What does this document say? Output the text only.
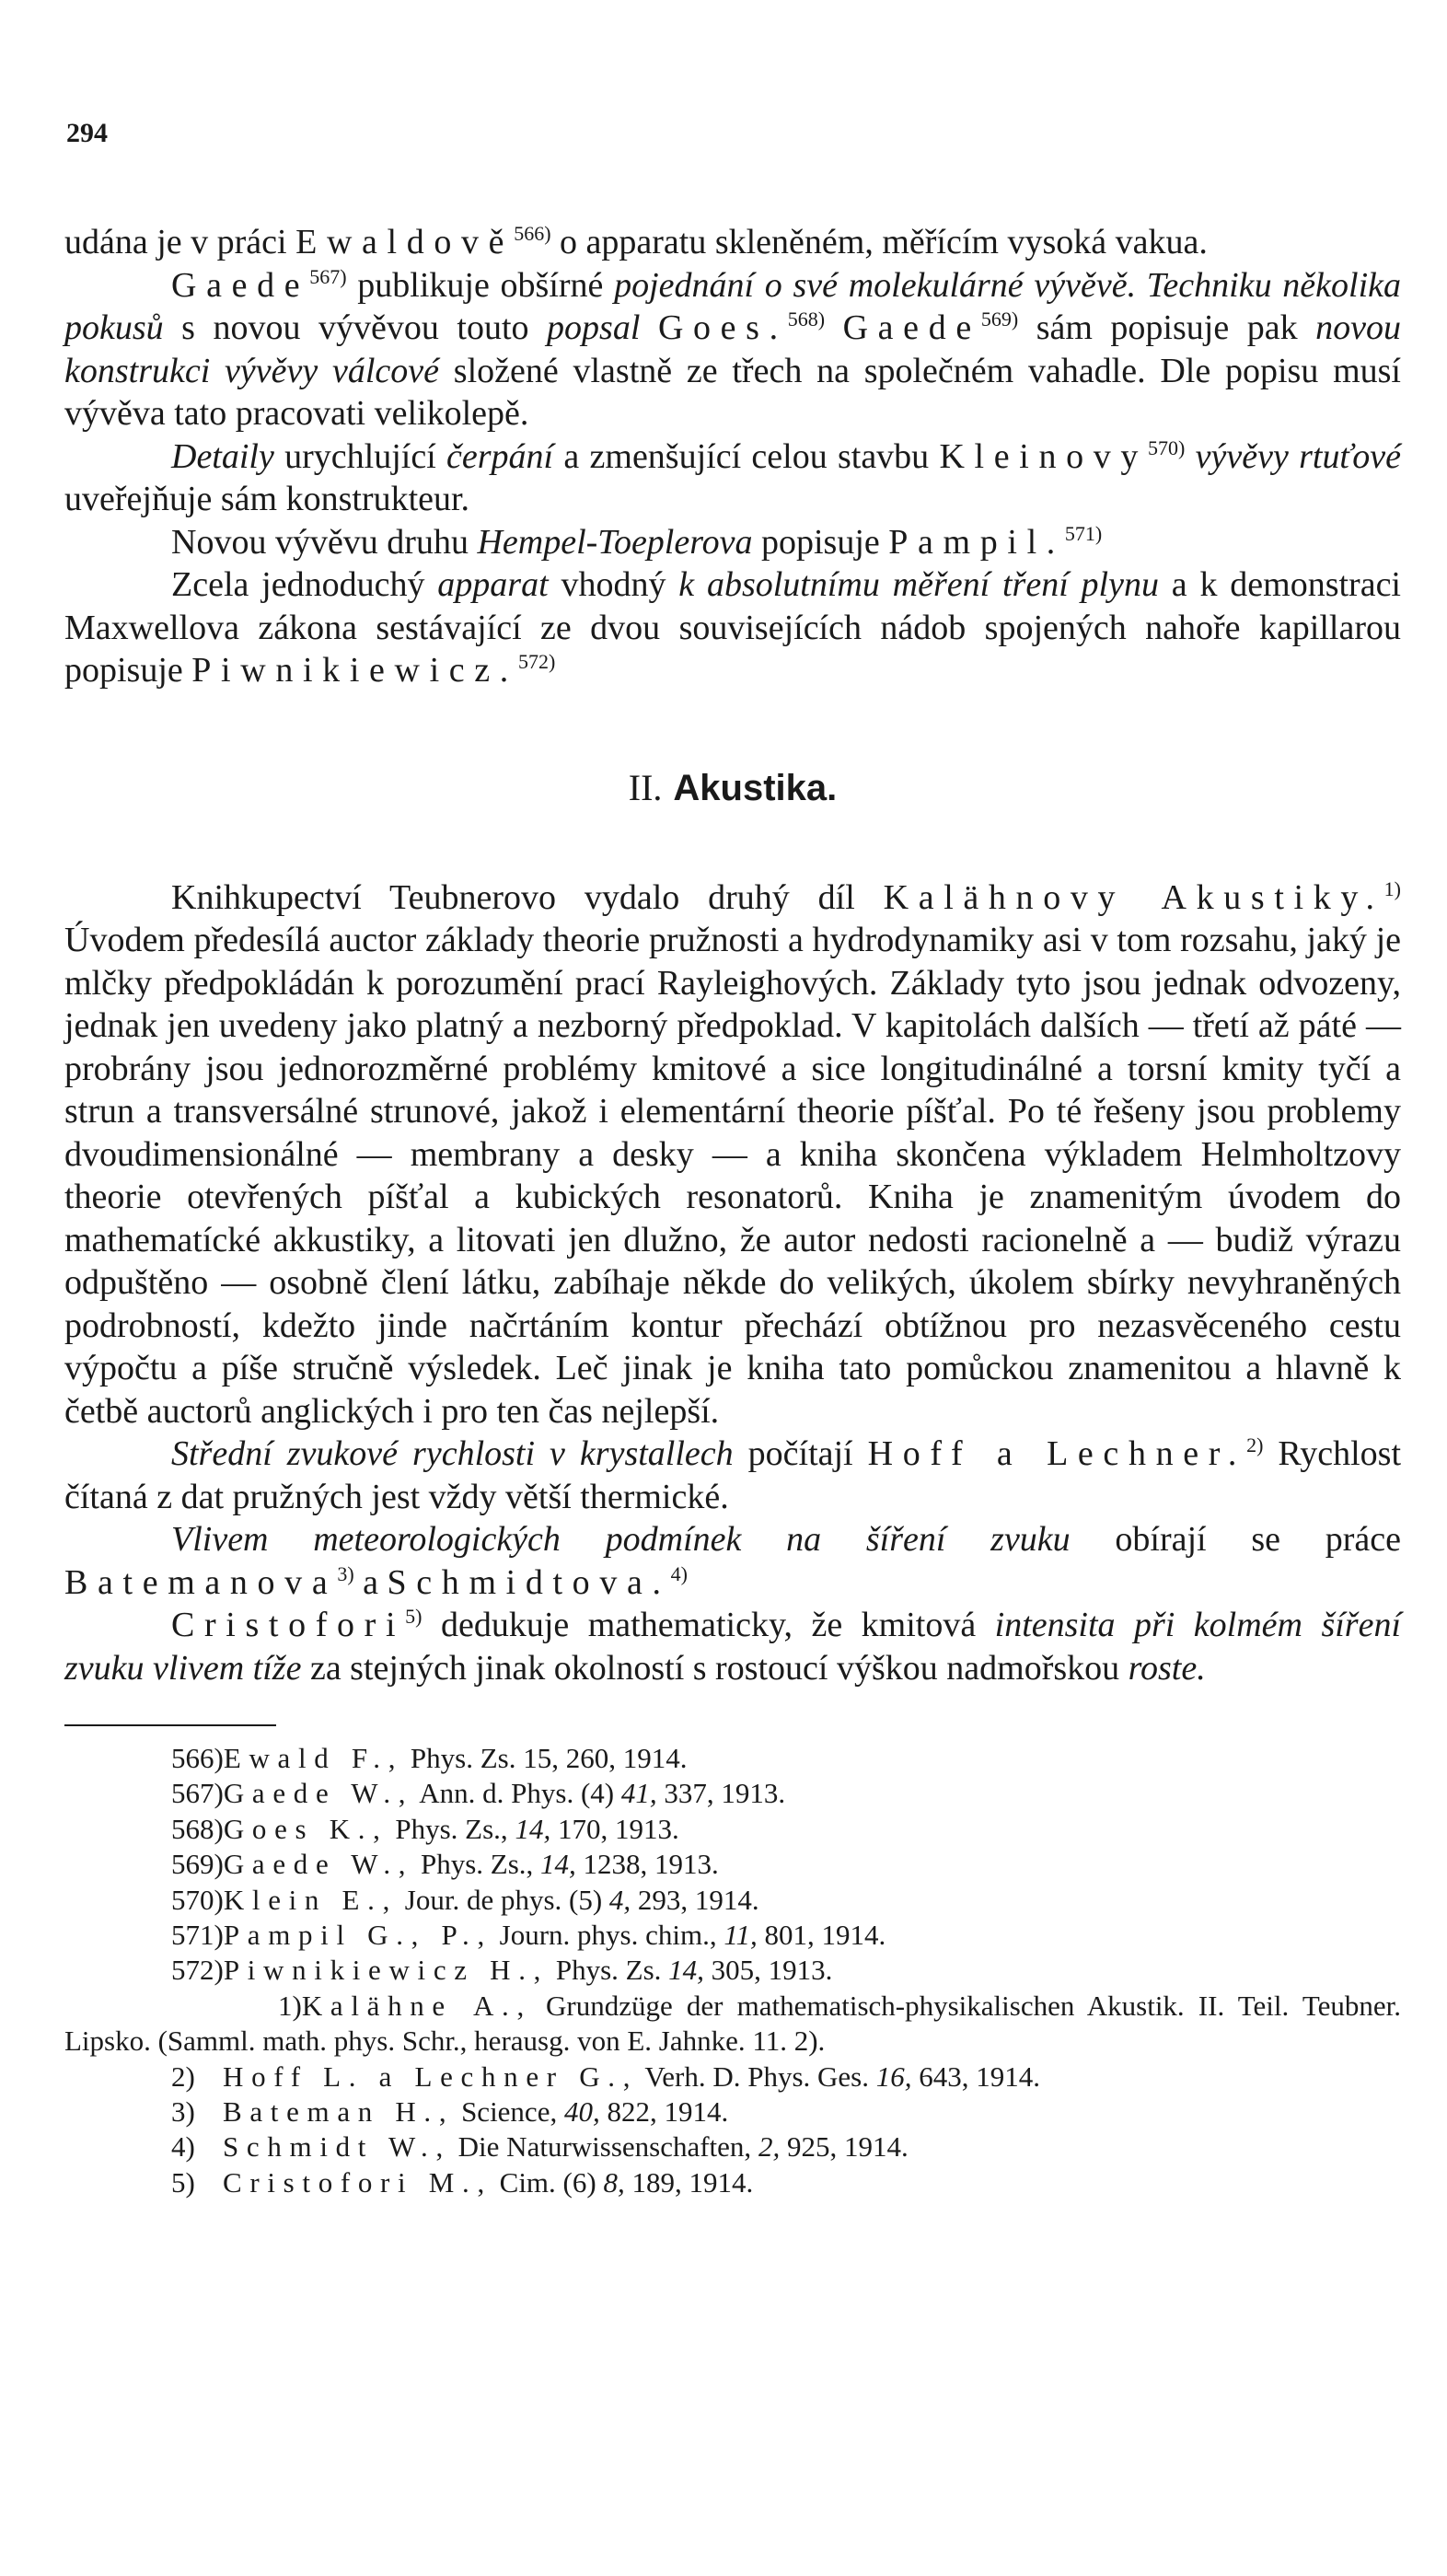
294

udána je v práci Ewaldově$^{566)}$ o apparatu skleněném, měřícím vysoká vakua.

Gaede$^{567)}$ publikuje obšírné pojednání o své molekulárné vývěvě. Techniku několika pokusů s novou vývěvou touto popsal Goes.$^{568)}$ Gaede$^{569)}$ sám popisuje pak novou konstrukci vývěvy válcové složené vlastně ze třech na společném vahadle. Dle popisu musí vývěva tato pracovati velikolepě.

Detaily urychlující čerpání a zmenšující celou stavbu Kleinovy$^{570)}$ vývěvy rtuťové uveřejňuje sám konstrukteur.

Novou vývěvu druhu Hempel-Toeplerova popisuje Pampil.$^{571)}$

Zcela jednoduchý apparat vhodný k absolutnímu měření tření plynu a k demonstraci Maxwellova zákona sestávající ze dvou souvisejících nádob spojených nahoře kapillarou popisuje Piwnikiewicz.$^{572)}$

II. Akustika.

Knihkupectví Teubnerovo vydalo druhý díl Kalähnovy Akustiky.$^{1)}$ Úvodem předesílá auctor základy theorie pružnosti a hydrodynamiky asi v tom rozsahu, jaký je mlčky předpokládán k porozumění prací Rayleighových. Základy tyto jsou jednak odvozeny, jednak jen uvedeny jako platný a nezborný předpoklad. V kapitolách dalších — třetí až páté — probrány jsou jednorozměrné problémy kmitové a sice longitudinálné a torsní kmity tyčí a strun a transversálné strunové, jakož i elementární theorie píšťal. Po té řešeny jsou problemy dvoudimensionálné — membrany a desky — a kniha skončena výkladem Helmholtzovy theorie otevřených píšťal a kubických resonatorů. Kniha je znamenitým úvodem do mathematícké akkustiky, a litovati jen dlužno, že autor nedosti racionelně a — budiž výrazu odpuštěno — osobně člení látku, zabíhaje někde do velikých, úkolem sbírky nevyhraněných podrobností, kdežto jinde načrtáním kontur přechází obtížnou pro nezasvěceného cestu výpočtu a píše stručně výsledek. Leč jinak je kniha tato pomůckou znamenitou a hlavně k četbě auctorů anglických i pro ten čas nejlepší.

Střední zvukové rychlosti v krystallech počítají Hoff a Lechner.$^{2)}$ Rychlost čítaná z dat pružných jest vždy větší thermické.

Vlivem meteorologických podmínek na šíření zvuku obírají se práce Batemanova$^{3)}$ a Schmidtova.$^{4)}$

Cristofori$^{5)}$ dedukuje mathematicky, že kmitová intensita při kolmém šíření zvuku vlivem tíže za stejných jinak okolností s rostoucí výškou nadmořskou roste.

566)Ewald F., Phys. Zs. 15, 260, 1914.
567)Gaede W., Ann. d. Phys. (4) 41, 337, 1913.
568)Goes K., Phys. Zs., 14, 170, 1913.
569)Gaede W., Phys. Zs., 14, 1238, 1913.
570)Klein E., Jour. de phys. (5) 4, 293, 1914.
571)Pampil G., P., Journ. phys. chim., 11, 801, 1914.
572)Piwnikiewicz H., Phys. Zs. 14, 305, 1913.
1)Kalähne A., Grundzüge der mathematisch-physikalischen Akustik. II. Teil. Teubner. Lipsko. (Samml. math. phys. Schr., herausg. von E. Jahnke. 11. 2).
2) Hoff L. a Lechner G., Verh. D. Phys. Ges. 16, 643, 1914.
3) Bateman H., Science, 40, 822, 1914.
4) Schmidt W., Die Naturwissenschaften, 2, 925, 1914.
5) Cristofori M., Cim. (6) 8, 189, 1914.
